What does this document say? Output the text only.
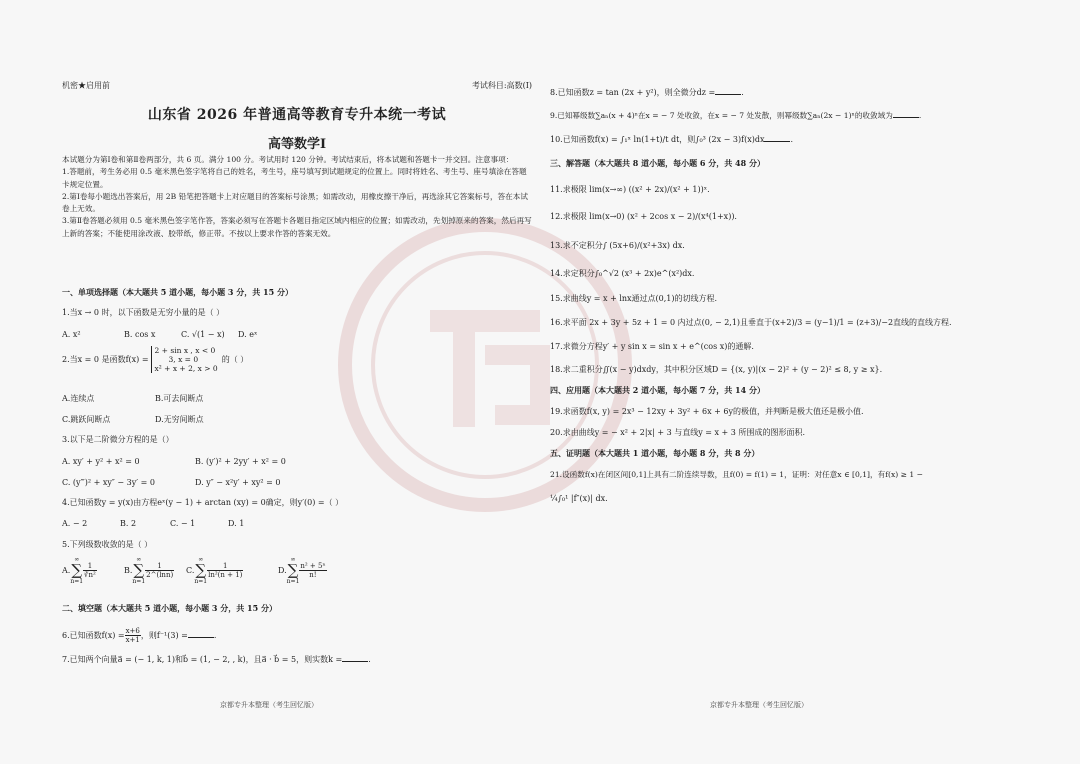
机密★启用前	考试科目:高数(Ⅰ)
山东省 2026 年普通高等教育专升本统一考试
高等数学Ⅰ

本试题分为第Ⅰ卷和第Ⅱ卷两部分，共 6 页。满分 100 分。考试用时 120 分钟。考试结束后，将本试题和答题卡一并交回。注意事项：

1.答题前，考生务必用 0.5 毫米黑色签字笔将自己的姓名，考生号，座号填写到试题规定的位置上。同时将姓名、考生号、座号填涂在答题卡规定位置。

2.第Ⅰ卷每小题选出答案后，用 2B 铅笔把答题卡上对应题目的答案标号涂黑；如需改动，用橡皮擦干净后，再选涂其它答案标号，答在本试卷上无效。

3.第Ⅱ卷答题必须用 0.5 毫米黑色签字笔作答，答案必须写在答题卡各题目指定区域内相应的位置；如需改动，先划掉原来的答案，然后再写上新的答案；不能使用涂改液、胶带纸，修正带。不按以上要求作答的答案无效。

一、单项选择题（本大题共 5 道小题，每小题 3 分，共 15 分）
1.当x → 0 时，以下函数是无穷小量的是（ ）
A. x²	B. cos x	C. √(1 − x) D. eˣ
2.当x = 0 是函数f(x) =
2 + sin x , x < 0
3, x = 0
x² + x + 2, x > 0
的（ ）
A.连续点	B.可去间断点
C.跳跃间断点	D.无穷间断点
3.以下是二阶微分方程的是（）
A. xy′ + y² + x² = 0	B. (y′)² + 2yy′ + x² = 0
C. (y‴)² + xy″ − 3y′ = 0	D. y″ − x²y′ + xy² = 0
4.已知函数y = y(x)由方程eˣ(y − 1) + arctan (xy) = 0确定，则y′(0) =（ ）
A. − 2	B. 2	C. − 1	D. 1
5.下列级数收敛的是（ ）
A.∞
∑
n=1
$\frac{1}{\text{∛n²}}$	B.∞
∑
n=1
$\frac{1}{2\^{}(\ln n)} C.\infty$
∑
n=1
$\frac{1}{\text{ln²(n + 1)}}$	D.∞
∑
n=1
$\frac{\text{n² + 5ⁿ}}{n!}$
二、填空题（本大题共 5 道小题，每小题 3 分，共 15 分）
6.已知函数$f(x) = \frac{x+6}{x+1}$ ，则f⁻¹(3) =	.
7.已知两个向量a⃗ = (− 1, k, 1)和b⃗ = (1, − 2, , k)，且a⃗ · b⃗ = 5，则实数k =	.
京都专升本整理（考生回忆版）
8.已知函数z = tan (2x + y²)，则全微分dz =	.
9.已知幂级数∑aₙ(x + 4)ⁿ在x = − 7 处收敛，在x = − 7 处发散，则幂级数∑aₙ(2x − 1)ⁿ的收敛域为	.
10.已知函数f(x) = ∫₁ˣ ln(1+t)/t dt，则∫₀³ (2x − 3)f(x)dx	.
三、解答题（本大题共 8 道小题，每小题 6 分，共 48 分）
11.求极限 lim(x→∞) ((x² + 2x)/(x² + 1))ˣ.
12.求极限 lim(x→0) (x² + 2cos x − 2)/(x⁴(1+x)).
13.求不定积分∫ (5x+6)/(x²+3x) dx.
14.求定积分∫₀^√2 (x³ + 2x)e^(x²)dx.
15.求曲线y = x + lnx通过点(0,1)的切线方程.
16.求平面 2x + 3y + 5z + 1 = 0 内过点(0, − 2,1)且垂直于(x+2)/3 = (y−1)/1 = (z+3)/−2直线的直线方程.
17.求微分方程y′ + y sin x = sin x + e^(cos x)的通解.
18.求二重积分∬(x − y)dxdy，其中积分区域D = {(x, y)|(x − 2)² + (y − 2)² ≤ 8, y ≥ x}.
四、应用题（本大题共 2 道小题，每小题 7 分，共 14 分）
19.求函数f(x, y) = 2x³ − 12xy + 3y² + 6x + 6y的极值，并判断是极大值还是极小值.
20.求由曲线y = − x² + 2|x| + 3 与直线y = x + 3 所围成的图形面积.
五、证明题（本大题共 1 道小题，每小题 8 分，共 8 分）
21.设函数f(x)在闭区间[0,1]上具有二阶连续导数，且f(0) = f(1) = 1，证明：对任意x ∈ [0,1]，有f(x) ≥ 1 −
¼∫₀¹ |f″(x)| dx.
京都专升本整理（考生回忆版）
